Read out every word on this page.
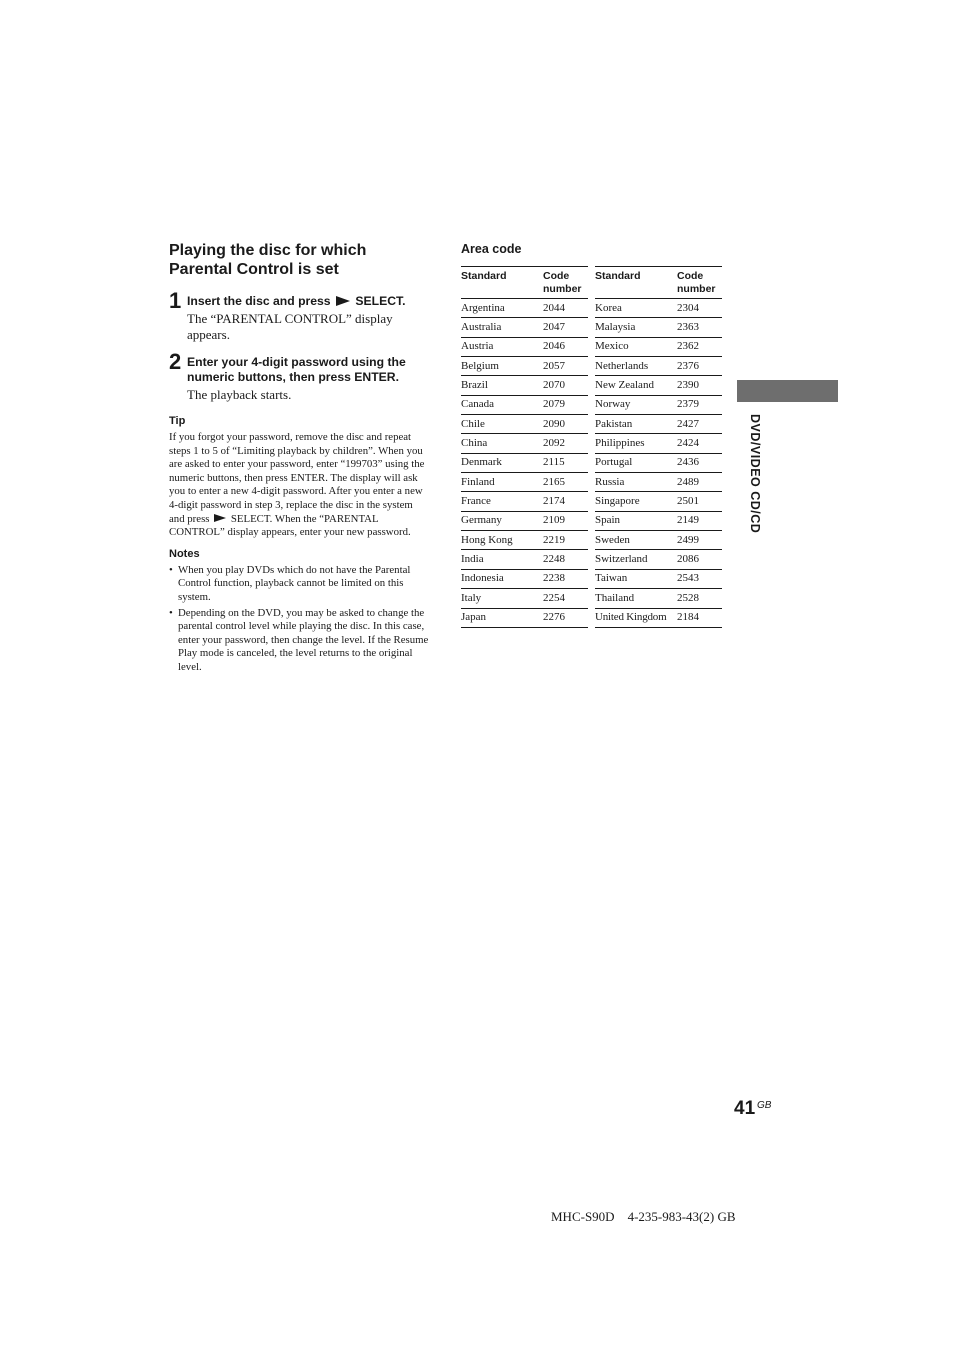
Playing the disc for which
Parental Control is set
1 Insert the disc and press SELECT.
The “PARENTAL CONTROL” display appears.
2 Enter your 4-digit password using the numeric buttons, then press ENTER.
The playback starts.
Tip
If you forgot your password, remove the disc and repeat steps 1 to 5 of “Limiting playback by children”. When you are asked to enter your password, enter “199703” using the numeric buttons, then press ENTER. The display will ask you to enter a new 4-digit password. After you enter a new 4-digit password in step 3, replace the disc in the system and press SELECT. When the “PARENTAL CONTROL” display appears, enter your new password.
Notes
• When you play DVDs which do not have the Parental Control function, playback cannot be limited on this system.
• Depending on the DVD, you may be asked to change the parental control level while playing the disc. In this case, enter your password, then change the level. If the Resume Play mode is canceled, the level returns to the original level.
Area code
Standard	Code
number
Argentina	2044
Australia	2047
Austria	2046
Belgium	2057
Brazil	2070
Canada	2079
Chile	2090
China	2092
Denmark	2115
Finland	2165
France	2174
Germany	2109
Hong Kong	2219
India	2248
Indonesia	2238
Italy	2254
Japan	2276
Standard	Code
number
Korea	2304
Malaysia	2363
Mexico	2362
Netherlands	2376
New Zealand	2390
Norway	2379
Pakistan	2427
Philippines	2424
Portugal	2436
Russia	2489
Singapore	2501
Spain	2149
Sweden	2499
Switzerland	2086
Taiwan	2543
Thailand	2528
United Kingdom	2184
DVD/VIDEO CD/CD
41 GB
MHC-S90D    4-235-983-43(2) GB
